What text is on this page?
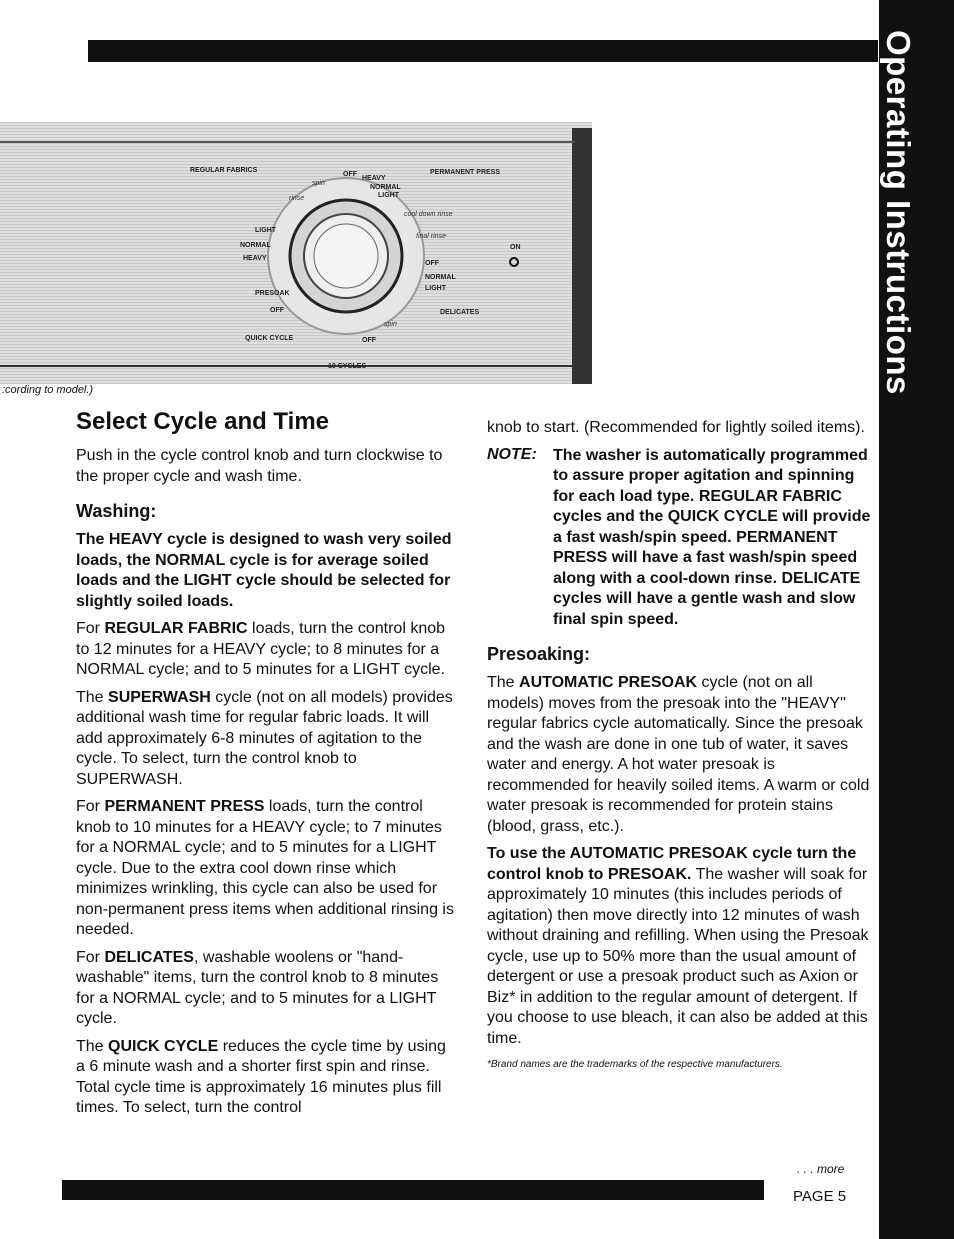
Operating Instructions
REGULAR FABRICS	PERMANENT PRESS
OFF
HEAVY
NORMAL
LIGHT
LIGHT
NORMAL
HEAVY
PRESOAK
OFF
QUICK CYCLE
OFF
NORMAL
LIGHT
DELICATES
OFF
ON
10 CYCLES
spin
rinse
cool down rinse
final rinse
spin
:cording to model.)
Select Cycle and Time

Push in the cycle control knob and turn clockwise to the proper cycle and wash time.

Washing:

The HEAVY cycle is designed to wash very soiled loads, the NORMAL cycle is for average soiled loads and the LIGHT cycle should be selected for slightly soiled loads.

For REGULAR FABRIC loads, turn the control knob to 12 minutes for a HEAVY cycle; to 8 minutes for a NORMAL cycle; and to 5 minutes for a LIGHT cycle.

The SUPERWASH cycle (not on all models) provides additional wash time for regular fabric loads. It will add approximately 6-8 minutes of agitation to the cycle. To select, turn the control knob to SUPERWASH.

For PERMANENT PRESS loads, turn the control knob to 10 minutes for a HEAVY cycle; to 7 minutes for a NORMAL cycle; and to 5 minutes for a LIGHT cycle. Due to the extra cool down rinse which minimizes wrinkling, this cycle can also be used for non-permanent press items when additional rinsing is needed.

For DELICATES, washable woolens or "hand-washable" items, turn the control knob to 8 minutes for a NORMAL cycle; and to 5 minutes for a LIGHT cycle.

The QUICK CYCLE reduces the cycle time by using a 6 minute wash and a shorter first spin and rinse. Total cycle time is approximately 16 minutes plus fill times. To select, turn the control

knob to start. (Recommended for lightly soiled items).

NOTE:	The washer is automatically programmed to assure proper agitation and spinning for each load type. REGULAR FABRIC cycles and the QUICK CYCLE will provide a fast wash/spin speed. PERMANENT PRESS will have a fast wash/spin speed along with a cool-down rinse. DELICATE cycles will have a gentle wash and slow final spin speed.
Presoaking:

The AUTOMATIC PRESOAK cycle (not on all models) moves from the presoak into the "HEAVY" regular fabrics cycle automatically. Since the presoak and the wash are done in one tub of water, it saves water and energy. A hot water presoak is recommended for heavily soiled items. A warm or cold water presoak is recommended for protein stains (blood, grass, etc.).

To use the AUTOMATIC PRESOAK cycle turn the control knob to PRESOAK. The washer will soak for approximately 10 minutes (this includes periods of agitation) then move directly into 12 minutes of wash without draining and refilling. When using the Presoak cycle, use up to 50% more than the usual amount of detergent or use a presoak product such as Axion or Biz* in addition to the regular amount of detergent. If you choose to use bleach, it can also be added at this time.

*Brand names are the trademarks of the respective manufacturers.
. . . more
PAGE 5
